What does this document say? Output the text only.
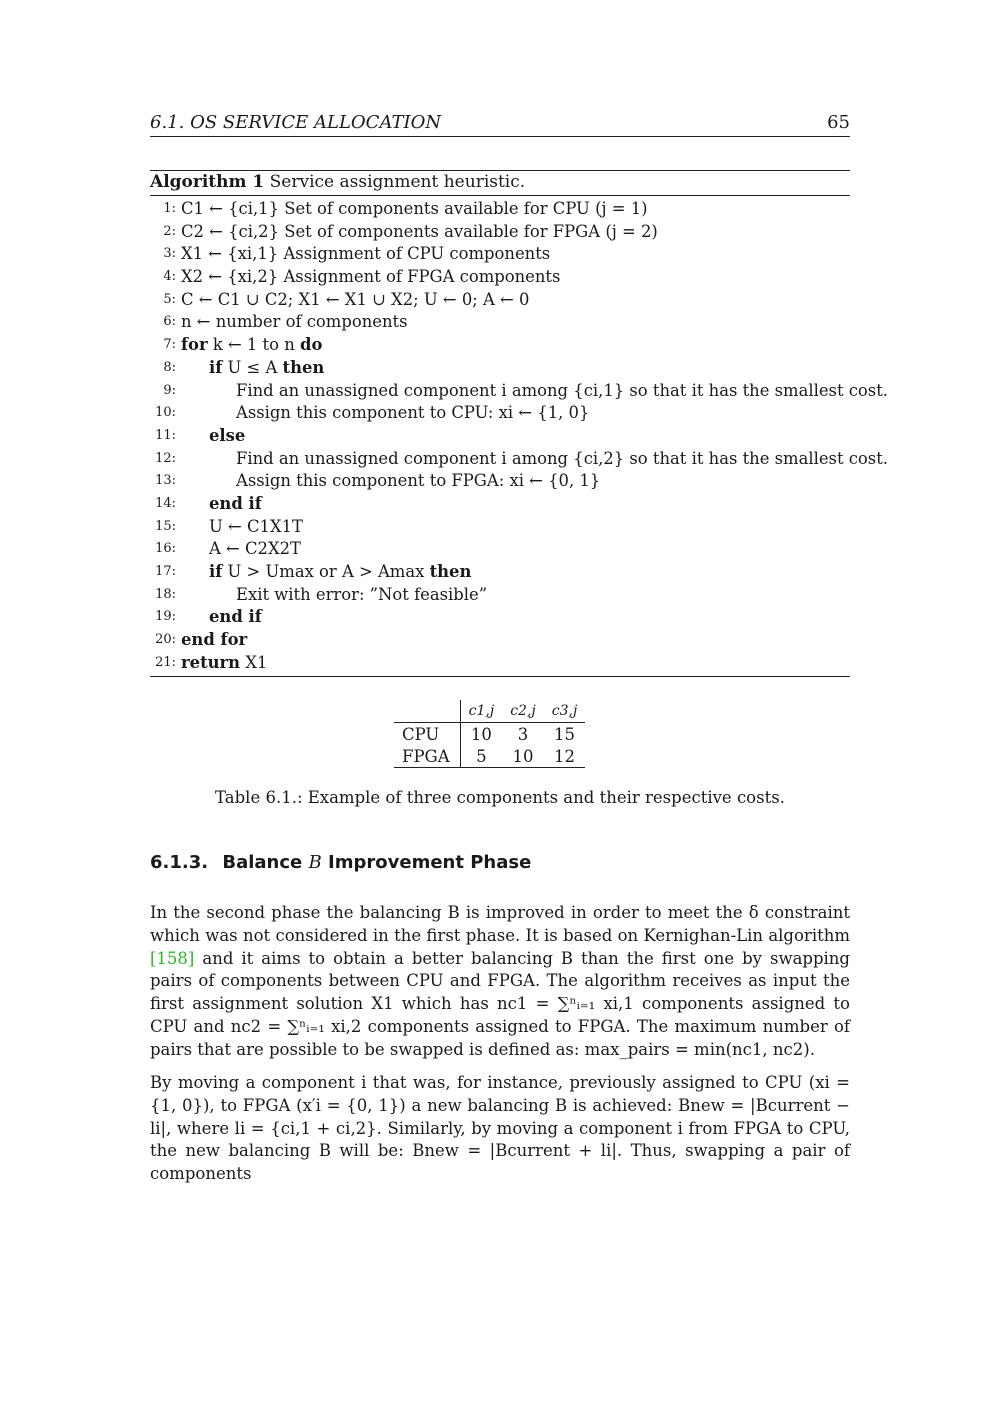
6.1. OS SERVICE ALLOCATION	65
Algorithm 1 Service assignment heuristic.
1: C1 ← {ci,1} Set of components available for CPU (j = 1)
2: C2 ← {ci,2} Set of components available for FPGA (j = 2)
3: X1 ← {xi,1} Assignment of CPU components
4: X2 ← {xi,2} Assignment of FPGA components
5: C ← C1 ∪ C2; X1 ← X1 ∪ X2; U ← 0; A ← 0
6: n ← number of components
7: for k ← 1 to n do
8: if U ≤ A then
9:	Find an unassigned component i among {ci,1} so that it has the smallest cost.
10:	Assign this component to CPU: xi ← {1, 0}
11: else
12:	Find an unassigned component i among {ci,2} so that it has the smallest cost.
13:	Assign this component to FPGA: xi ← {0, 1}
14: end if
15: U ← C1X1T
16: A ← C2X2T
17: if U > Umax or A > Amax then
18:	Exit with error: ”Not feasible”
19: end if
20: end for
21: return X1
	c1,j	c2,j	c3,j
CPU	10	3	15
FPGA	5	10	12
Table 6.1.: Example of three components and their respective costs.
6.1.3. Balance B Improvement Phase

In the second phase the balancing B is improved in order to meet the δ constraint which was not considered in the first phase. It is based on Kernighan-Lin algorithm [158] and it aims to obtain a better balancing B than the first one by swapping pairs of components between CPU and FPGA. The algorithm receives as input the first assignment solution X1 which has nc1 = ∑ⁿᵢ₌₁ xi,1 components assigned to CPU and nc2 = ∑ⁿᵢ₌₁ xi,2 components assigned to FPGA. The maximum number of pairs that are possible to be swapped is defined as: max_pairs = min(nc1, nc2).

By moving a component i that was, for instance, previously assigned to CPU (xi = {1, 0}), to FPGA (x′i = {0, 1}) a new balancing B is achieved: Bnew = |Bcurrent − li|, where li = {ci,1 + ci,2}. Similarly, by moving a component i from FPGA to CPU, the new balancing B will be: Bnew = |Bcurrent + li|. Thus, swapping a pair of components
